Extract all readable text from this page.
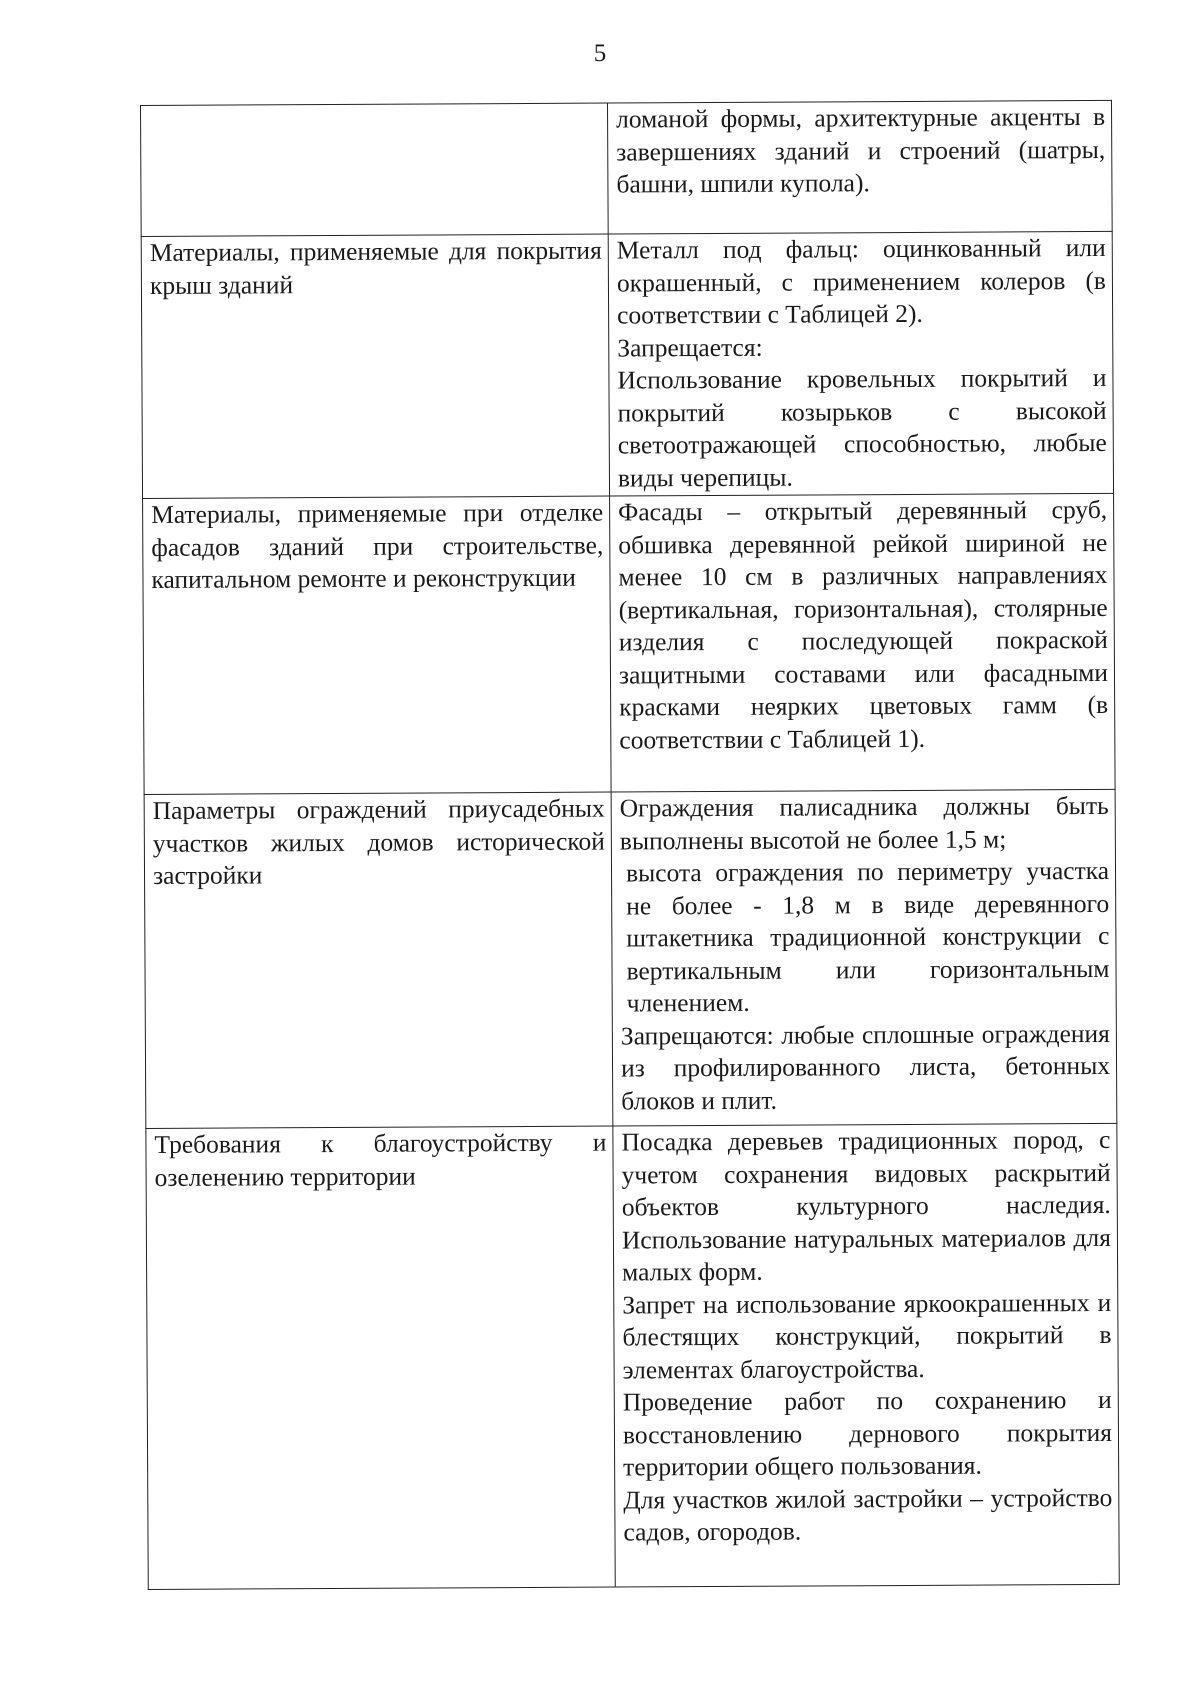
5

	ломаной формы, архитектурные акценты в завершениях зданий и строений (шатры, башни, шпили купола).

Материалы, применяемые для покрытия крыш зданий	Металл под фальц: оцинкованный или окрашенный, с применением колеров (в соответствии с Таблицей 2).

Запрещается:

Использование кровельных покрытий и покрытий козырьков с высокой светоотражающей способностью, любые виды черепицы.

Материалы, применяемые при отделке фасадов зданий при строительстве, капитальном ремонте и реконструкции	Фасады – открытый деревянный сруб, обшивка деревянной рейкой шириной не менее 10 см в различных направлениях (вертикальная, горизонтальная), столярные изделия с последующей покраской защитными составами или фасадными красками неярких цветовых гамм (в соответствии с Таблицей 1).

Параметры ограждений приусадебных участков жилых домов исторической застройки	Ограждения палисадника должны быть выполнены высотой не более 1,5 м;

высота ограждения по периметру участка не более - 1,8 м в виде деревянного штакетника традиционной конструкции с вертикальным или горизонтальным членением.

Запрещаются: любые сплошные ограждения из профилированного листа, бетонных блоков и плит.

Требования к благоустройству и озеленению территории	Посадка деревьев традиционных пород, с учетом сохранения видовых раскрытий объектов культурного наследия. Использование натуральных материалов для малых форм.

Запрет на использование яркоокрашенных и блестящих конструкций, покрытий в элементах благоустройства.

Проведение работ по сохранению и восстановлению дернового покрытия территории общего пользования.

Для участков жилой застройки – устройство садов, огородов.
